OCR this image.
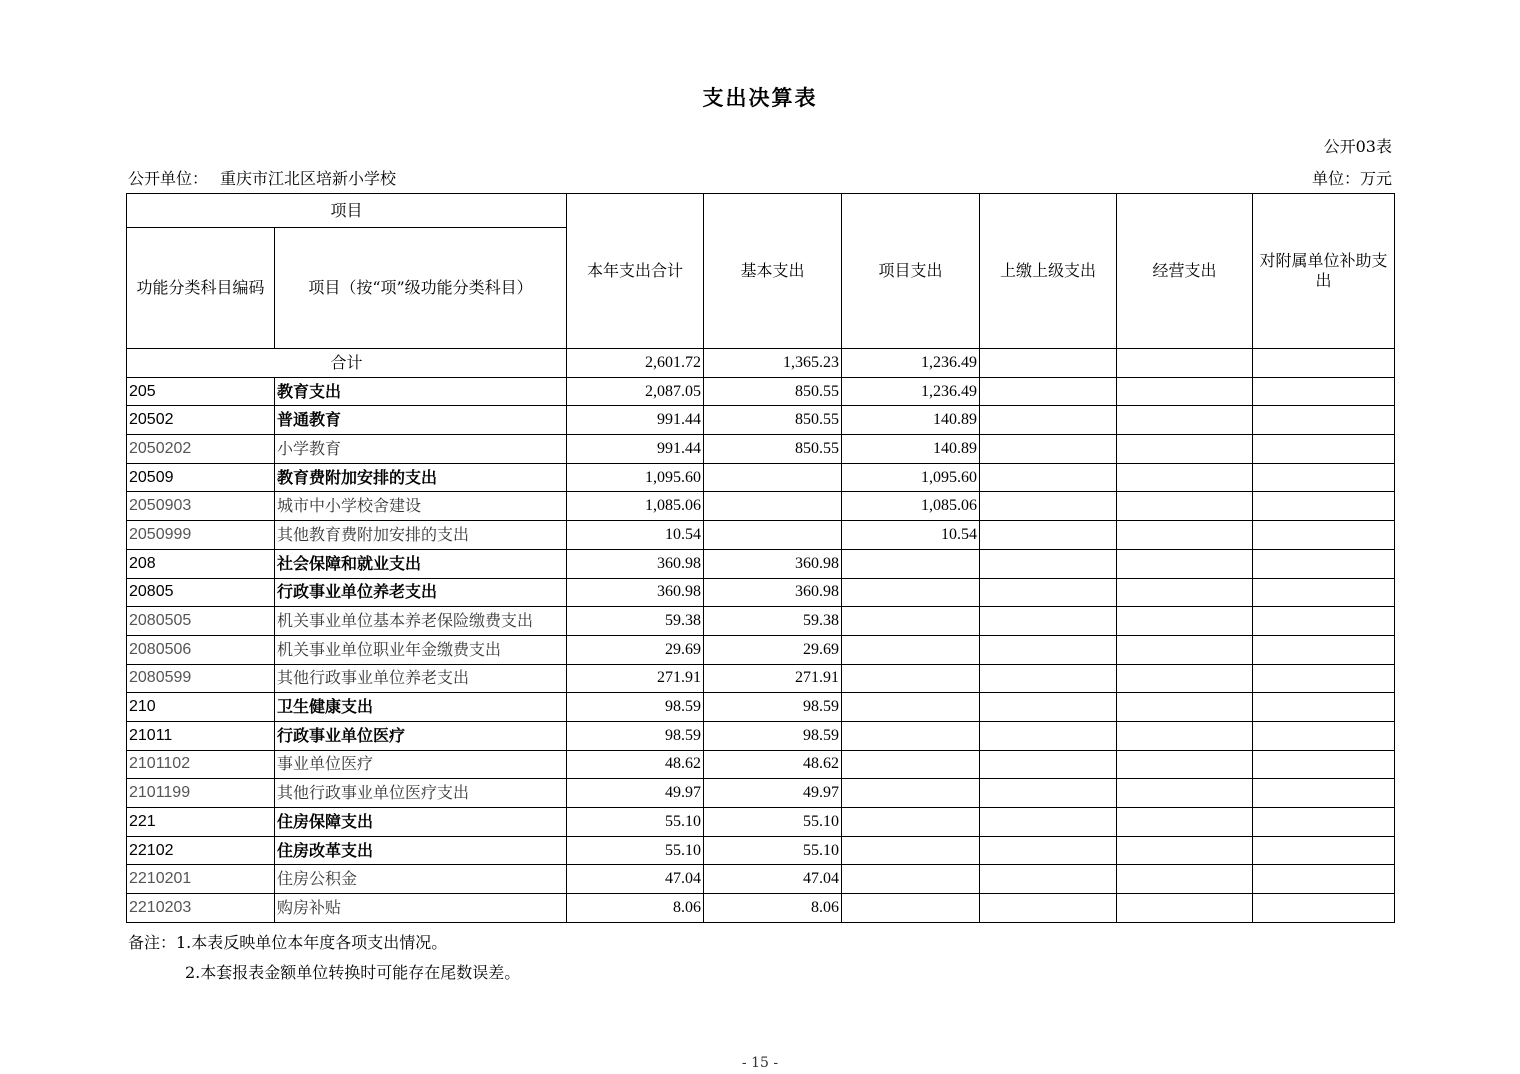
支出决算表
公开03表
公开单位： 重庆市江北区培新小学校	单位：万元
项目		本年支出合计	基本支出	项目支出	上缴上级支出	经营支出	对附属单位补助支出
功能分类科目编码	项目（按“项”级功能分类科目）						
合计		2,601.72	1,365.23	1,236.49			
205	教育支出	2,087.05	850.55	1,236.49			
20502	普通教育	991.44	850.55	140.89			
2050202	小学教育	991.44	850.55	140.89			
20509	教育费附加安排的支出	1,095.60		1,095.60			
2050903	城市中小学校舍建设	1,085.06		1,085.06			
2050999	其他教育费附加安排的支出	10.54		10.54			
208	社会保障和就业支出	360.98	360.98				
20805	行政事业单位养老支出	360.98	360.98				
2080505	机关事业单位基本养老保险缴费支出	59.38	59.38				
2080506	机关事业单位职业年金缴费支出	29.69	29.69				
2080599	其他行政事业单位养老支出	271.91	271.91				
210	卫生健康支出	98.59	98.59				
21011	行政事业单位医疗	98.59	98.59				
2101102	事业单位医疗	48.62	48.62				
2101199	其他行政事业单位医疗支出	49.97	49.97				
221	住房保障支出	55.10	55.10				
22102	住房改革支出	55.10	55.10				
2210201	住房公积金	47.04	47.04				
2210203	购房补贴	8.06	8.06				
备注：1.本表反映单位本年度各项支出情况。
2.本套报表金额单位转换时可能存在尾数误差。
- 15 -
